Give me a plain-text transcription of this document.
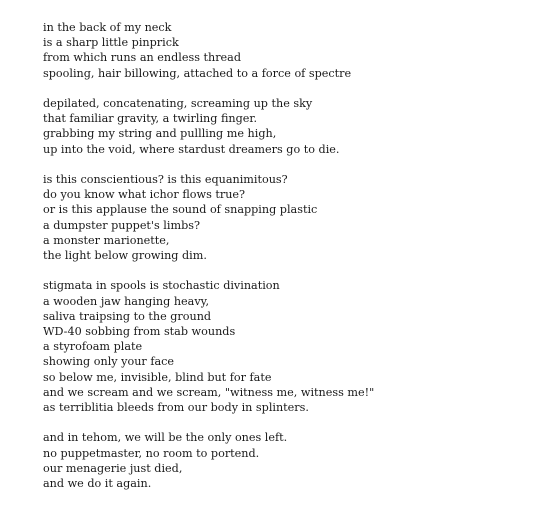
in the back of my neck
is a sharp little pinprick
from which runs an endless thread
spooling, hair billowing, attached to a force of spectre
depilated, concatenating, screaming up the sky
that familiar gravity, a twirling finger.
grabbing my string and pullling me high,
up into the void, where stardust dreamers go to die.
is this conscientious? is this equanimitous?
do you know what ichor flows true?
or is this applause the sound of snapping plastic
a dumpster puppet's limbs?
a monster marionette,
the light below growing dim.
stigmata in spools is stochastic divination
a wooden jaw hanging heavy,
saliva traipsing to the ground
WD-40 sobbing from stab wounds
a styrofoam plate
showing only your face
so below me, invisible, blind but for fate
and we scream and we scream, "witness me, witness me!"
as terriblitia bleeds from our body in splinters.
and in tehom, we will be the only ones left.
no puppetmaster, no room to portend.
our menagerie just died,
and we do it again.
